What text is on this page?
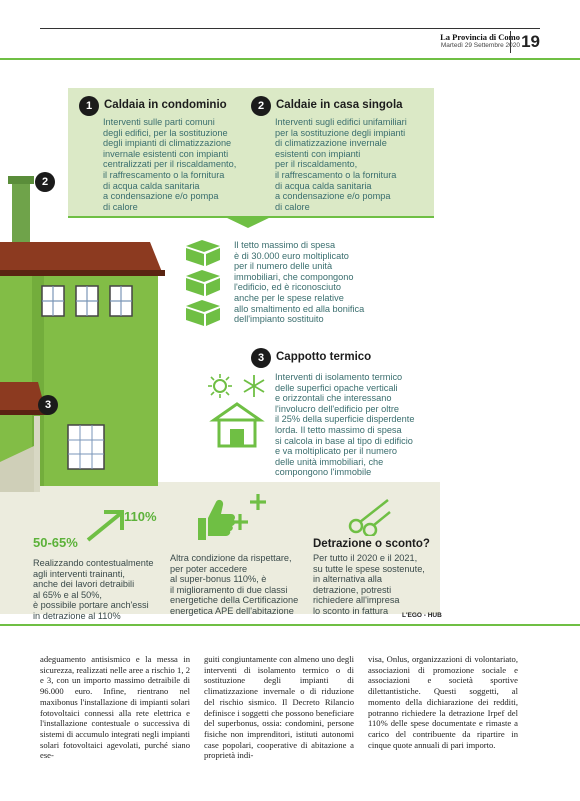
La Provincia di Como
Martedì 29 Settembre 2020 19
2
3
1	Caldaia in condominio
Interventi sulle parti comuni
degli edifici, per la sostituzione
degli impianti di climatizzazione
invernale esistenti con impianti
centralizzati per il riscaldamento,
il raffrescamento o la fornitura
di acqua calda sanitaria
a condensazione e/o pompa
di calore
2	Caldaie in casa singola
Interventi sugli edifici unifamiliari
per la sostituzione degli impianti
di climatizzazione invernale
esistenti con impianti
per il riscaldamento,
il raffrescamento o la fornitura
di acqua calda sanitaria
a condensazione e/o pompa
di calore
Il tetto massimo di spesa
è di 30.000 euro moltiplicato
per il numero delle unità
immobiliari, che compongono
l'edificio, ed è riconosciuto
anche per le spese relative
allo smaltimento ed alla bonifica
dell'impianto sostituito
3	Cappotto termico
Interventi di isolamento termico
delle superfici opache verticali
e orizzontali che interessano
l'involucro dell'edificio per oltre
il 25% della superficie disperdente
lorda. Il tetto massimo di spesa
si calcola in base al tipo di edificio
e va moltiplicato per il numero
delle unità immobiliari, che
compongono l'immobile
50-65%
110%
Realizzando contestualmente
agli interventi trainanti,
anche dei lavori detraibili
al 65% e al 50%,
è possibile portare anch'essi
in detrazione al 110%
Altra condizione da rispettare,
per poter accedere
al super-bonus 110%, è
il miglioramento di due classi
energetiche della Certificazione
energetica APE dell'abitazione
Detrazione o sconto?
Per tutto il 2020 e il 2021,
su tutte le spese sostenute,
in alternativa alla
detrazione, potresti
richiedere all'impresa
lo sconto in fattura	L'EGO - HUB
adeguamento antisismico e la messa in sicurezza, realizzati nelle aree a rischio 1, 2 e 3, con un importo massimo detraibile di 96.000 euro. Infine, rientrano nel maxibonus l'installazione di impianti solari fotovoltaici connessi alla rete elettrica e l'installazione contestuale o successiva di sistemi di accumulo integrati negli impianti solari fotovoltaici agevolati, purché siano ese-
guiti congiuntamente con almeno uno degli interventi di isolamento termico o di sostituzione degli impianti di climatizzazione invernale o di riduzione del rischio sismico. Il Decreto Rilancio definisce i soggetti che possono beneficiare del superbonus, ossia: condomini, persone fisiche non imprenditori, istituti autonomi case popolari, cooperative di abitazione a proprietà indi-
visa, Onlus, organizzazioni di volontariato, associazioni di promozione sociale e associazioni e società sportive dilettantistiche. Questi soggetti, al momento della dichiarazione dei redditi, potranno richiedere la detrazione Irpef del 110% delle spese documentate e rimaste a carico del contribuente da ripartire in cinque quote annuali di pari importo.
